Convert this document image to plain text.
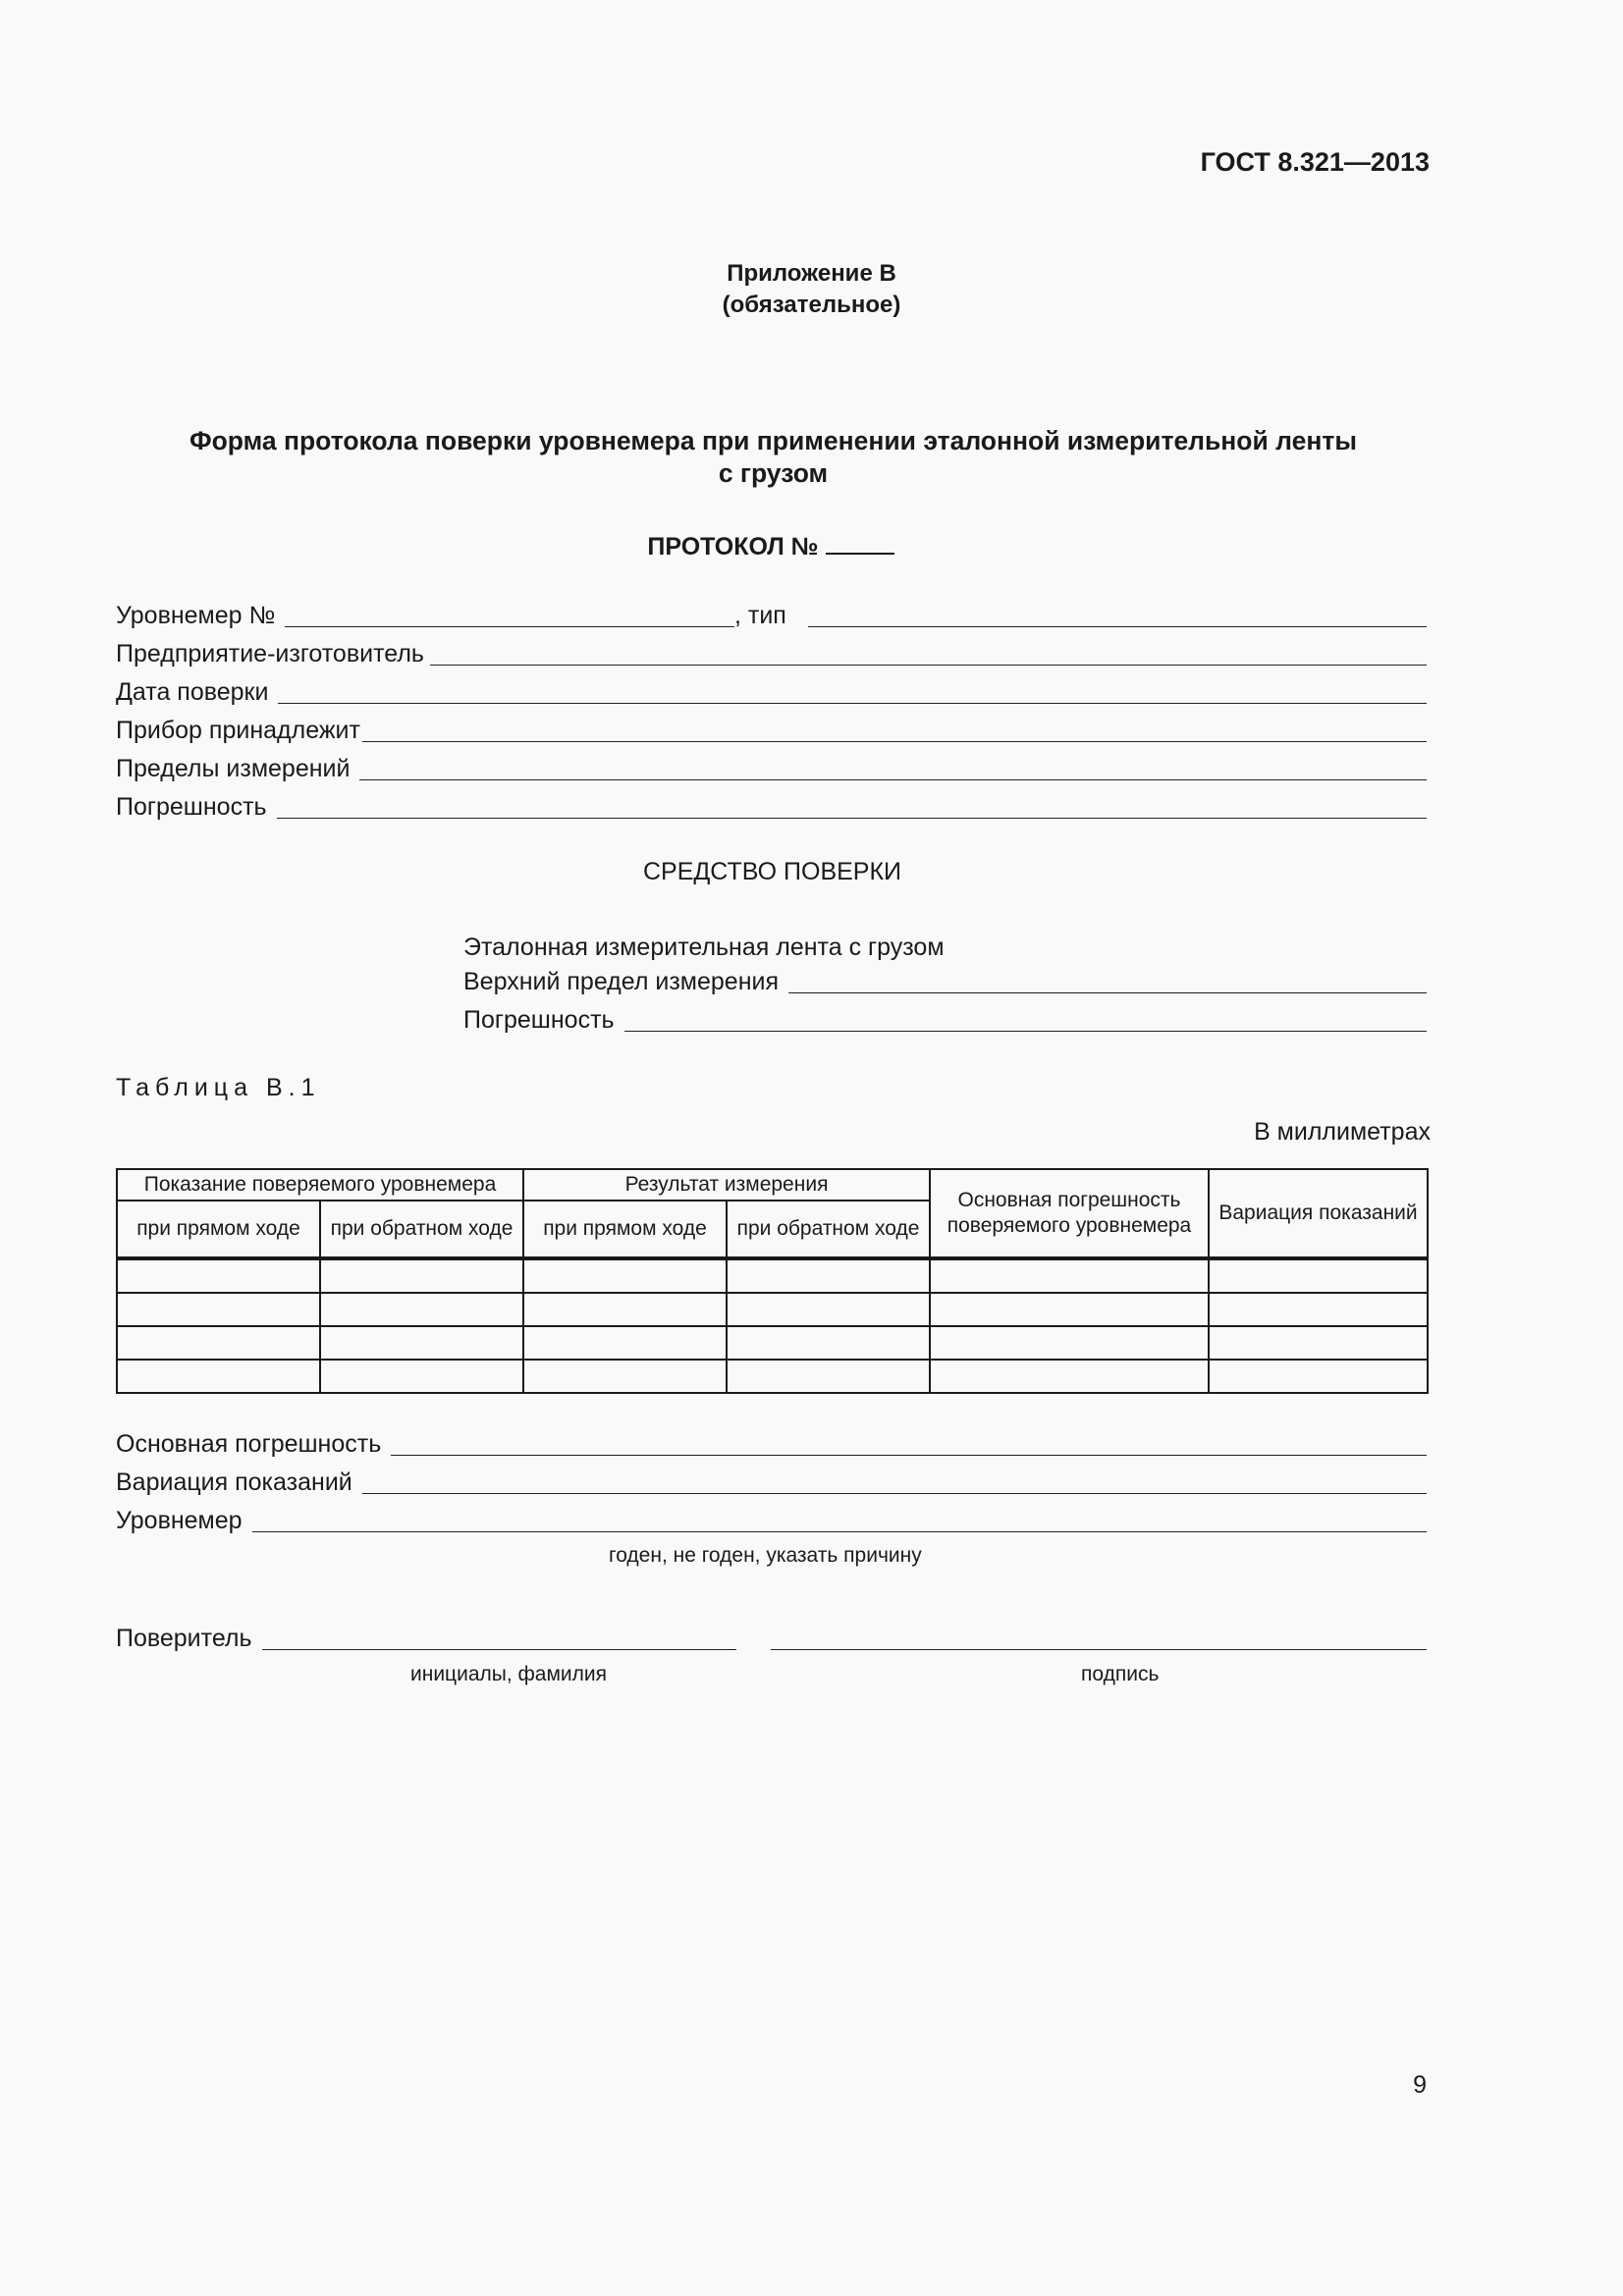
ГОСТ 8.321—2013
Приложение В
(обязательное)
Форма протокола поверки уровнемера при применении эталонной измерительной ленты
с грузом
ПРОТОКОЛ №
Уровнемер №	, тип
Предприятие-изготовитель
Дата поверки
Прибор принадлежит
Пределы измерений
Погрешность
СРЕДСТВО ПОВЕРКИ
Эталонная измерительная лента с грузом
Верхний предел измерения
Погрешность
Таблица В.1
В миллиметрах
Показание поверяемого уровнемера		Результат измерения		Основная погрешность поверяемого уровнемера	Вариация показаний
при прямом ходе	при обратном ходе	при прямом ходе	при обратном ходе		

Основная погрешность
Вариация показаний
Уровнемер
годен, не годен, указать причину
Поверитель
инициалы, фамилия	подпись
9
